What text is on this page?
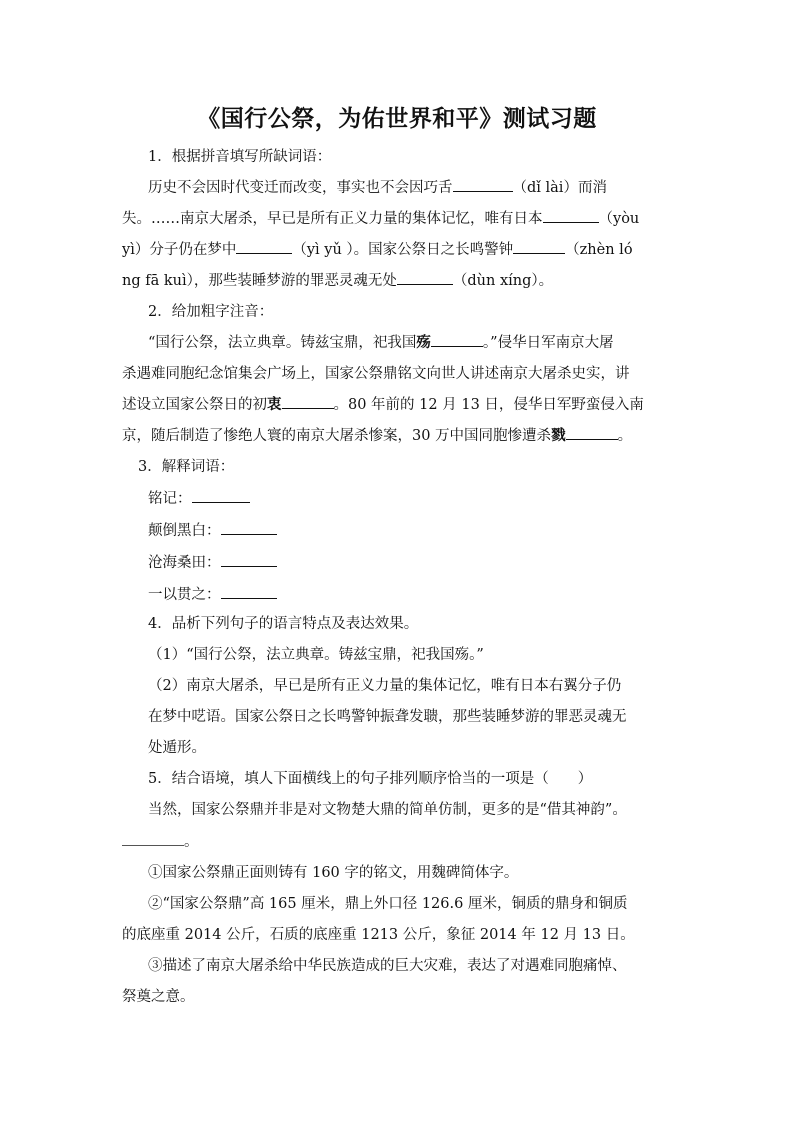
《国行公祭，为佑世界和平》测试习题
1．根据拼音填写所缺词语：
历史不会因时代变迁而改变，事实也不会因巧舌	（dǐ lài）而消
失。……南京大屠杀，早已是所有正义力量的集体记忆，唯有日本	（yòu
yì）分子仍在梦中	（yì yǔ ）。国家公祭日之长鸣警钟	（zhèn ló
ng fā kuì），那些装睡梦游的罪恶灵魂无处	（dùn xíng）。
2．给加粗字注音：
“国行公祭，法立典章。铸兹宝鼎，祀我国殇	。”侵华日军南京大屠
杀遇难同胞纪念馆集会广场上，国家公祭鼎铭文向世人讲述南京大屠杀史实，讲
述设立国家公祭日的初衷	。80 年前的 12 月 13 日，侵华日军野蛮侵入南
京，随后制造了惨绝人寰的南京大屠杀惨案，30 万中国同胞惨遭杀戮	。
3．解释词语：
铭记：
颠倒黑白：
沧海桑田：
一以贯之：
4．品析下列句子的语言特点及表达效果。
（1）“国行公祭，法立典章。铸兹宝鼎，祀我国殇。”
（2）南京大屠杀，早已是所有正义力量的集体记忆，唯有日本右翼分子仍
在梦中呓语。国家公祭日之长鸣警钟振聋发聩，那些装睡梦游的罪恶灵魂无
处遁形。
5．结合语境，填人下面横线上的句子排列顺序恰当的一项是（　　）
当然，国家公祭鼎并非是对文物楚大鼎的简单仿制，更多的是“借其神韵”。
。
①国家公祭鼎正面则铸有 160 字的铭文，用魏碑简体字。
②“国家公祭鼎”高 165 厘米，鼎上外口径 126.6 厘米，铜质的鼎身和铜质
的底座重 2014 公斤，石质的底座重 1213 公斤，象征 2014 年 12 月 13 日。
③描述了南京大屠杀给中华民族造成的巨大灾难，表达了对遇难同胞痛悼、
祭奠之意。
